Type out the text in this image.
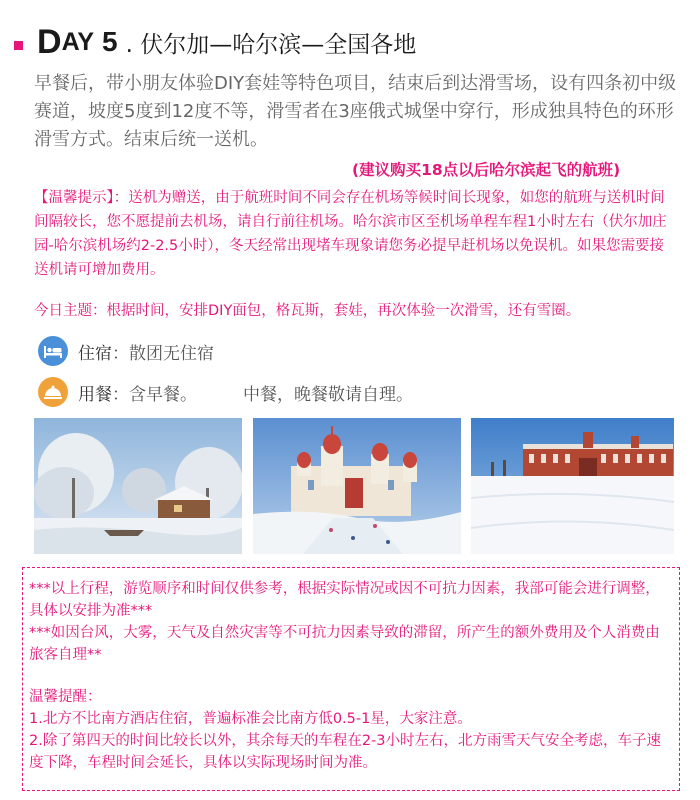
D AY 5 . 伏尔加—哈尔滨—全国各地
早餐后，带小朋友体验DIY套娃等特色项目，结束后到达滑雪场，设有四条初中级赛道，坡度5度到12度不等，滑雪者在3座俄式城堡中穿行，形成独具特色的环形滑雪方式。结束后统一送机。
(建议购买18点以后哈尔滨起飞的航班)
【温馨提示】：送机为赠送，由于航班时间不同会存在机场等候时间长现象，如您的航班与送机时间间隔较长，您不愿提前去机场，请自行前往机场。哈尔滨市区至机场单程车程1小时左右（伏尔加庄园-哈尔滨机场约2-2.5小时），冬天经常出现堵车现象请您务必提早赶机场以免误机。如果您需要接送机请可增加费用。
今日主题：根据时间，安排DIY面包，格瓦斯，套娃，再次体验一次滑雪，还有雪圈。
住宿 ：散团无住宿
用餐 ：含早餐。	中餐，晚餐敬请自理。

***以上行程，游览顺序和时间仅供参考，根据实际情况或因不可抗力因素，我部可能会进行调整，具体以安排为准***

***如因台风，大雾，天气及自然灾害等不可抗力因素导致的滞留，所产生的额外费用及个人消费由旅客自理**

温馨提醒：

1.北方不比南方酒店住宿，普遍标准会比南方低0.5-1星，大家注意。

2.除了第四天的时间比较长以外，其余每天的车程在2-3小时左右，北方雨雪天气安全考虑，车子速度下降，车程时间会延长，具体以实际现场时间为准。
